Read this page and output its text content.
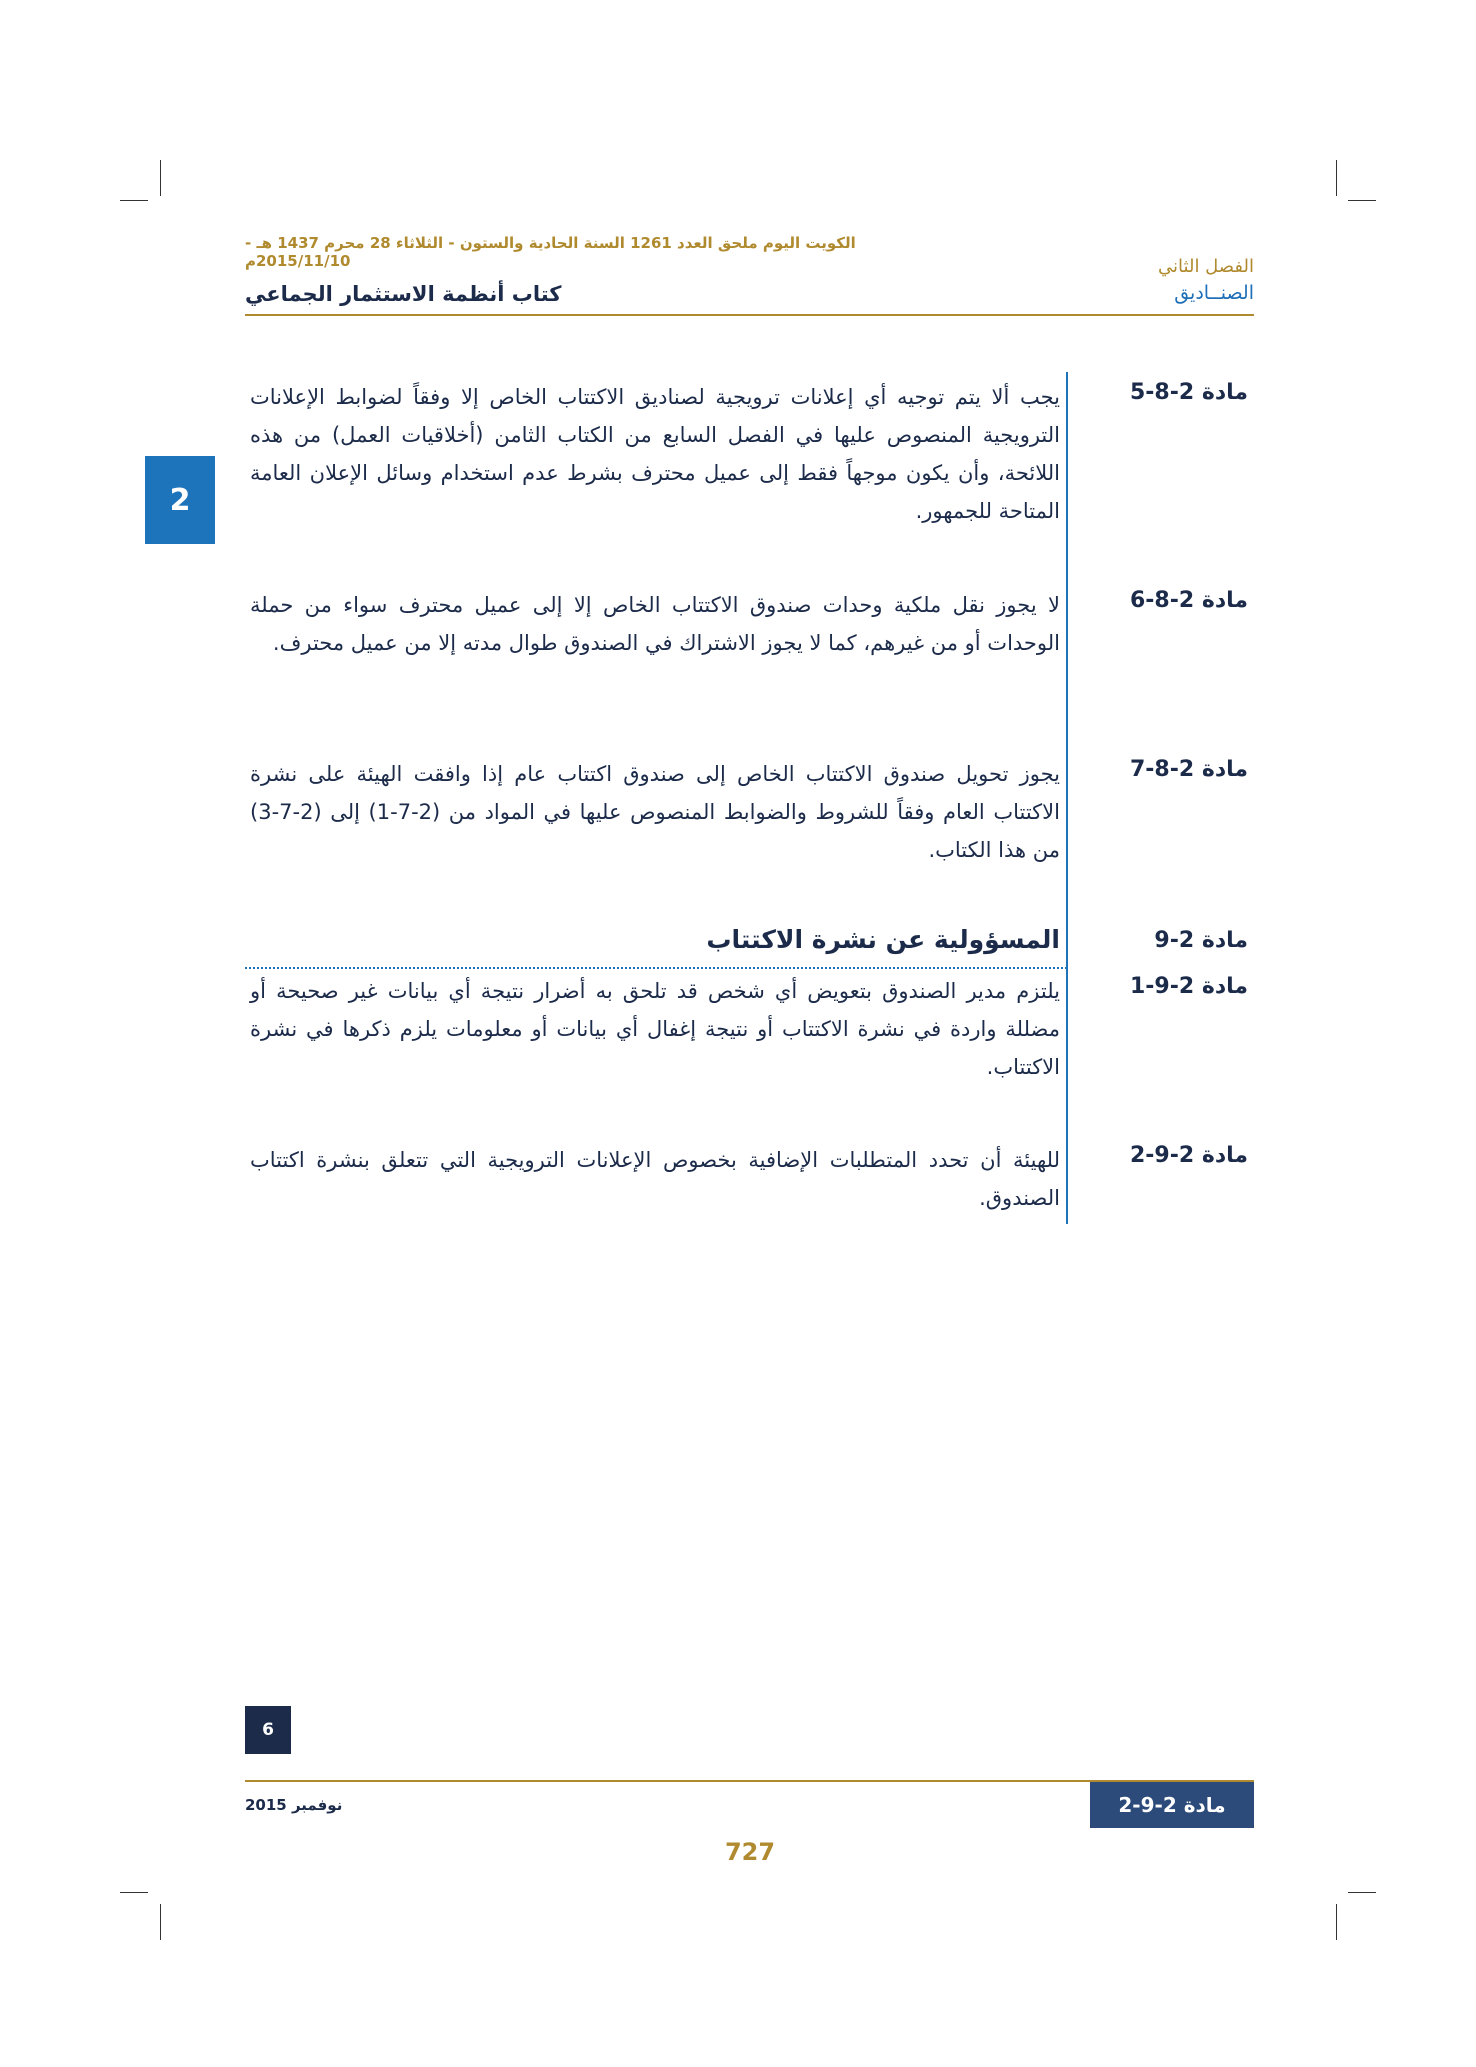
الكويت اليوم ملحق العدد 1261 السنة الحادية والستون - الثلاثاء 28 محرم 1437 هـ - 2015/11/10م	الفصل الثاني
الصنــاديق
كتاب أنظمة الاستثمار الجماعي
2
مادة 2-8-5
يجب ألا يتم توجيه أي إعلانات ترويجية لصناديق الاكتتاب الخاص إلا وفقاً لضوابط الإعلانات الترويجية المنصوص عليها في الفصل السابع من الكتاب الثامن (أخلاقيات العمل) من هذه اللائحة، وأن يكون موجهاً فقط إلى عميل محترف بشرط عدم استخدام وسائل الإعلان العامة المتاحة للجمهور.
مادة 2-8-6
لا يجوز نقل ملكية وحدات صندوق الاكتتاب الخاص إلا إلى عميل محترف سواء من حملة الوحدات أو من غيرهم، كما لا يجوز الاشتراك في الصندوق طوال مدته إلا من عميل محترف.
مادة 2-8-7
يجوز تحويل صندوق الاكتتاب الخاص إلى صندوق اكتتاب عام إذا وافقت الهيئة على نشرة الاكتتاب العام وفقاً للشروط والضوابط المنصوص عليها في المواد من (2-7-1) إلى (2-7-3) من هذا الكتاب.
مادة 2-9
المسؤولية عن نشرة الاكتتاب
مادة 2-9-1
يلتزم مدير الصندوق بتعويض أي شخص قد تلحق به أضرار نتيجة أي بيانات غير صحيحة أو مضللة واردة في نشرة الاكتتاب أو نتيجة إغفال أي بيانات أو معلومات يلزم ذكرها في نشرة الاكتتاب.
مادة 2-9-2
للهيئة أن تحدد المتطلبات الإضافية بخصوص الإعلانات الترويجية التي تتعلق بنشرة اكتتاب الصندوق.
6
نوفمبر 2015	مادة 2-9-2
727
